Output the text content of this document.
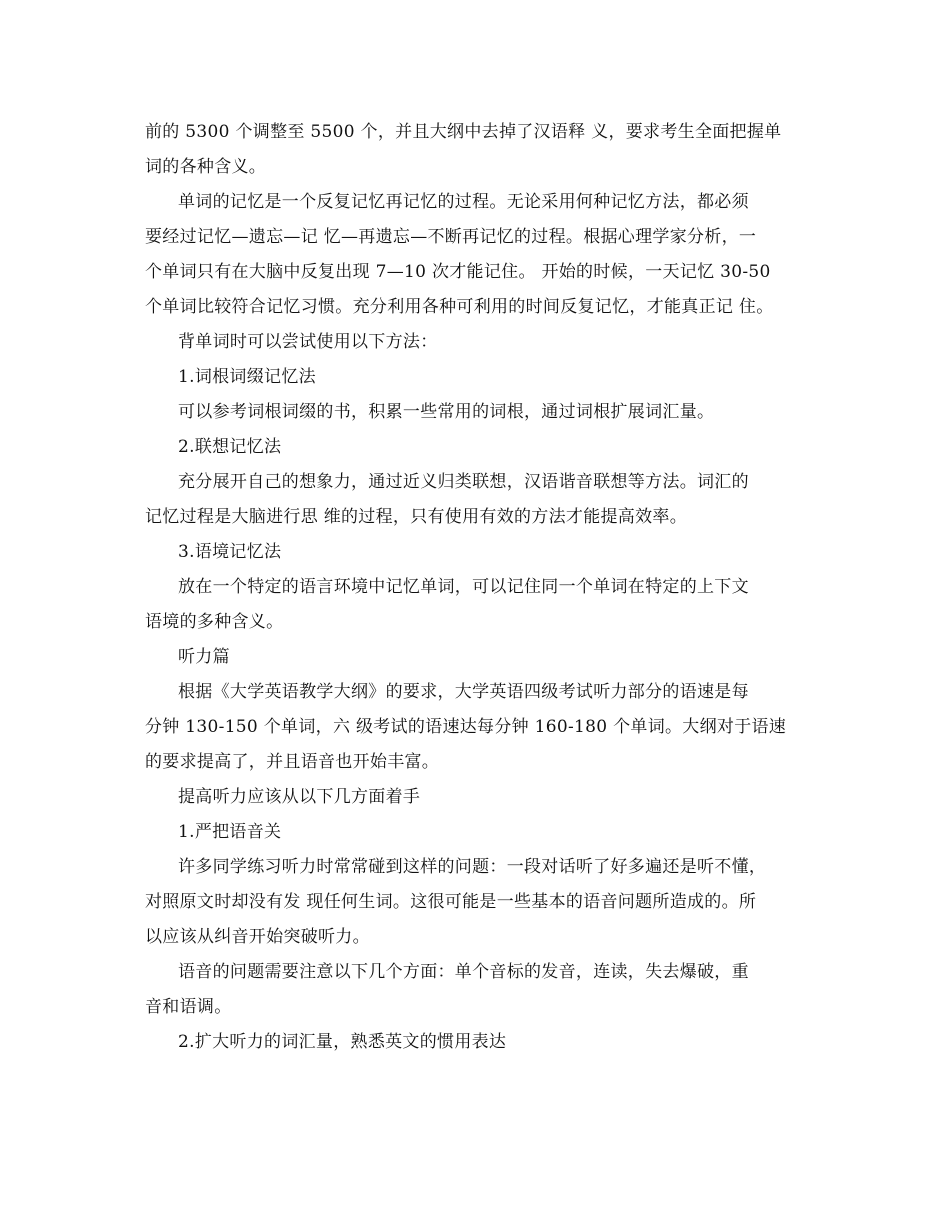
前的 5300 个调整至 5500 个，并且大纲中去掉了汉语释 义，要求考生全面把握单
词的各种含义。
单词的记忆是一个反复记忆再记忆的过程。无论采用何种记忆方法，都必须
要经过记忆—遗忘—记 忆—再遗忘—不断再记忆的过程。根据心理学家分析，一
个单词只有在大脑中反复出现 7—10 次才能记住。 开始的时候，一天记忆 30-50
个单词比较符合记忆习惯。充分利用各种可利用的时间反复记忆，才能真正记 住。
背单词时可以尝试使用以下方法：
1.词根词缀记忆法
可以参考词根词缀的书，积累一些常用的词根，通过词根扩展词汇量。
2.联想记忆法
充分展开自己的想象力，通过近义归类联想，汉语谐音联想等方法。词汇的
记忆过程是大脑进行思 维的过程，只有使用有效的方法才能提高效率。
3.语境记忆法
放在一个特定的语言环境中记忆单词，可以记住同一个单词在特定的上下文
语境的多种含义。
听力篇
根据《大学英语教学大纲》的要求，大学英语四级考试听力部分的语速是每
分钟 130-150 个单词，六 级考试的语速达每分钟 160-180 个单词。大纲对于语速
的要求提高了，并且语音也开始丰富。
提高听力应该从以下几方面着手
1.严把语音关
许多同学练习听力时常常碰到这样的问题：一段对话听了好多遍还是听不懂，
对照原文时却没有发 现任何生词。这很可能是一些基本的语音问题所造成的。所
以应该从纠音开始突破听力。
语音的问题需要注意以下几个方面：单个音标的发音，连读，失去爆破，重
音和语调。
2.扩大听力的词汇量，熟悉英文的惯用表达
